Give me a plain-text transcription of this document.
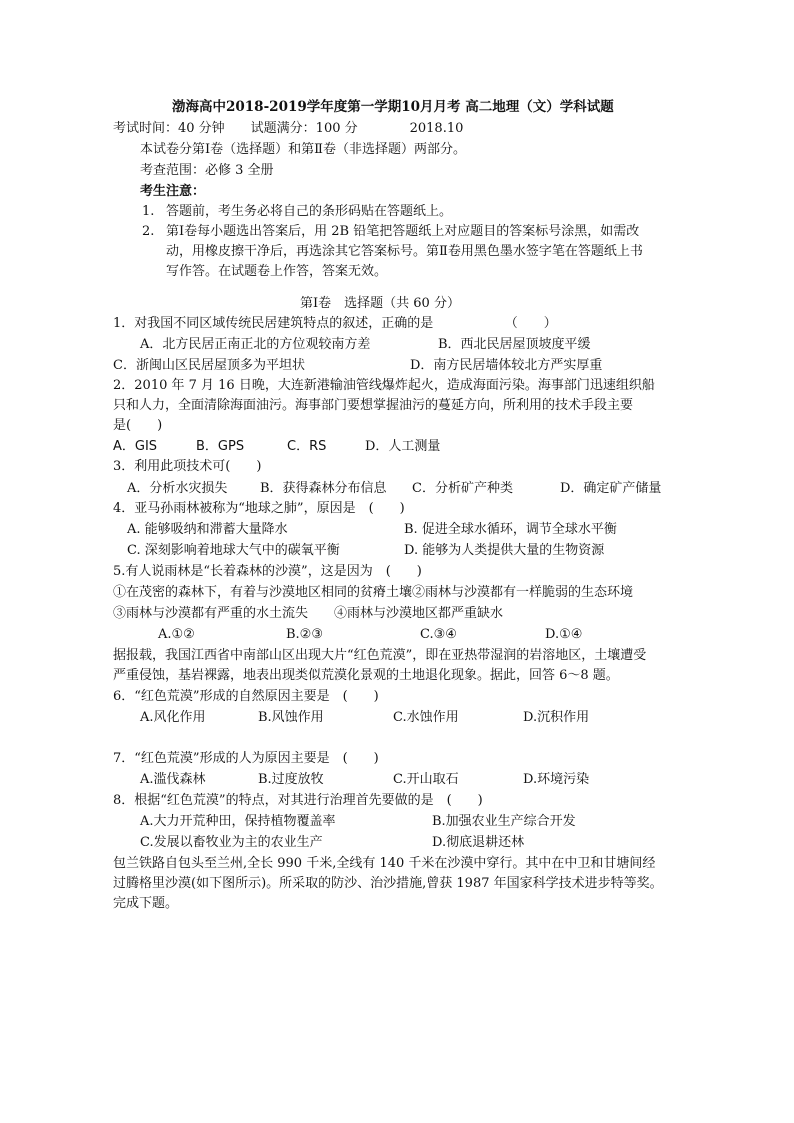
渤海高中2018-2019学年度第一学期10月月考 高二地理（文）学科试题
考试时间：40 分钟　　试题满分：100 分　　　　2018.10
本试卷分第Ⅰ卷（选择题）和第Ⅱ卷（非选择题）两部分。
考查范围：必修 3 全册
考生注意：
1. 答题前，考生务必将自己的条形码贴在答题纸上。
2. 第Ⅰ卷每小题选出答案后，用 2B 铅笔把答题纸上对应题目的答案标号涂黑，如需改
动，用橡皮擦干净后，再选涂其它答案标号。第Ⅱ卷用黑色墨水签字笔在答题纸上书
写作答。在试题卷上作答，答案无效。
第Ⅰ卷　选择题（共 60 分）
1．对我国不同区域传统民居建筑特点的叙述，正确的是　　　　　　（　　）
A．北方民居正南正北的方位观较南方差	B．西北民居屋顶坡度平缓
C．浙闽山区民居屋顶多为平坦状	D．南方民居墙体较北方严实厚重
2．2010 年 7 月 16 日晚，大连新港输油管线爆炸起火，造成海面污染。海事部门迅速组织船
只和人力，全面清除海面油污。海事部门要想掌握油污的蔓延方向，所利用的技术手段主要
是(　　)
A．GIS	B．GPS	C．RS	D．人工测量
3．利用此项技术可(　　)
A．分析水灾损失	B．获得森林分布信息 C．分析矿产种类	D．确定矿产储量
4．亚马孙雨林被称为“地球之肺”，原因是　(　　)
A. 能够吸纳和滞蓄大量降水	B. 促进全球水循环，调节全球水平衡
C. 深刻影响着地球大气中的碳氧平衡	D. 能够为人类提供大量的生物资源
5.有人说雨林是“长着森林的沙漠”，这是因为　(　　)
①在茂密的森林下，有着与沙漠地区相同的贫瘠土壤②雨林与沙漠都有一样脆弱的生态环境
③雨林与沙漠都有严重的水土流失　　④雨林与沙漠地区都严重缺水
A.①②	B.②③	C.③④	D.①④
据报载，我国江西省中南部山区出现大片“红色荒漠”，即在亚热带湿润的岩溶地区，土壤遭受
严重侵蚀，基岩裸露，地表出现类似荒漠化景观的土地退化现象。据此，回答 6～8 题。
6．“红色荒漠”形成的自然原因主要是　(　　)
A.风化作用	B.风蚀作用	C.水蚀作用	D.沉积作用
7．“红色荒漠”形成的人为原因主要是　(　　)
A.滥伐森林	B.过度放牧	C.开山取石	D.环境污染
8．根据“红色荒漠”的特点，对其进行治理首先要做的是　(　　)
A.大力开荒种田，保持植物覆盖率	B.加强农业生产综合开发
C.发展以畜牧业为主的农业生产	D.彻底退耕还林
包兰铁路自包头至兰州,全长 990 千米,全线有 140 千米在沙漠中穿行。其中在中卫和甘塘间经
过腾格里沙漠(如下图所示)。所采取的防沙、治沙措施,曾获 1987 年国家科学技术进步特等奖。
完成下题。
